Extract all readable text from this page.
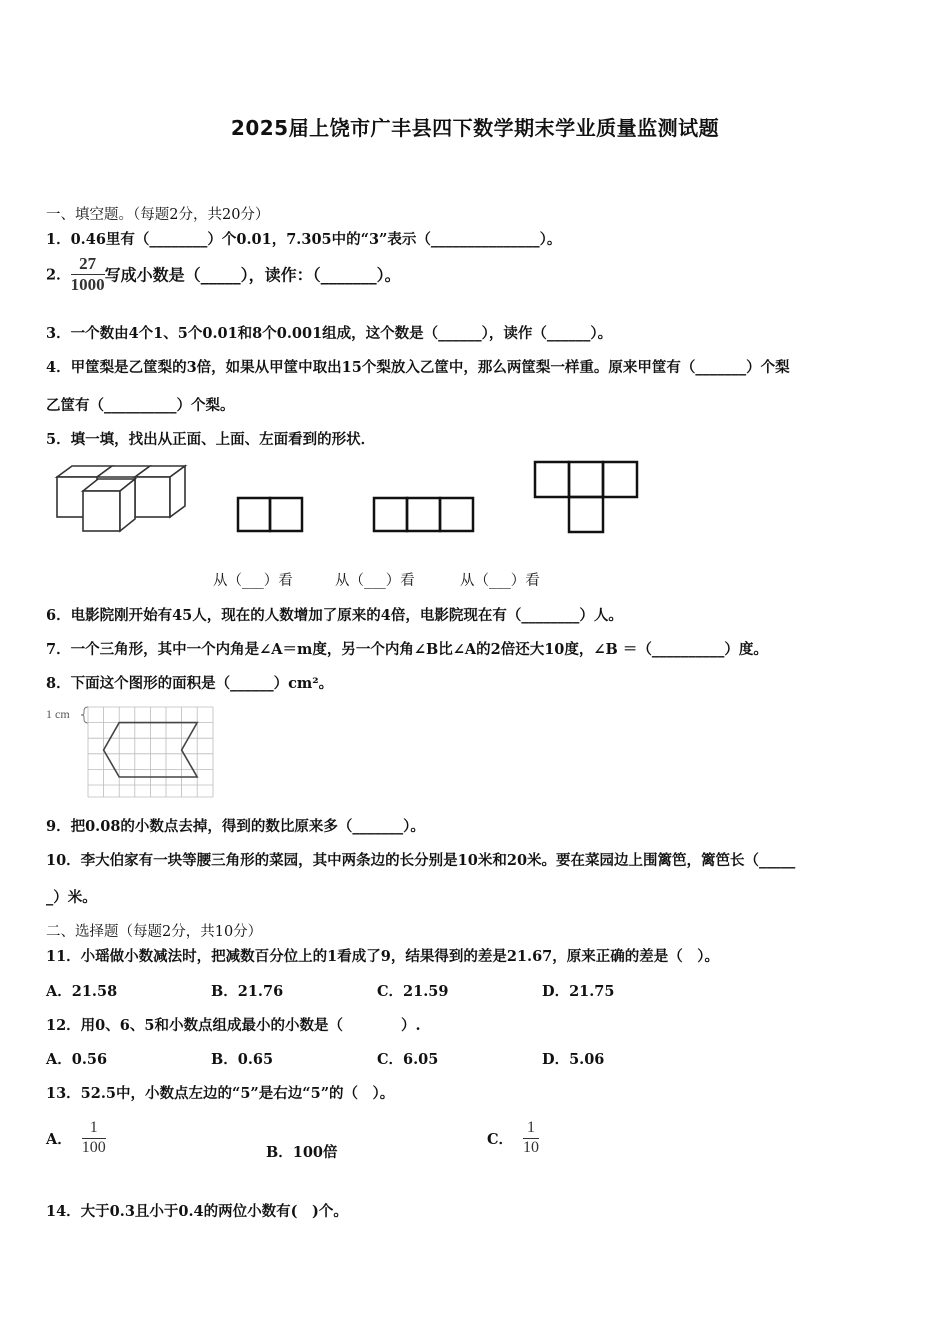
2025届上饶市广丰县四下数学期末学业质量监测试题
一、填空题。（每题2分，共20分）
1．0.46里有（________）个0.01，7.305中的“3”表示（_______________）。
2． $\frac{27}{1000}$ 写成小数是（_____），读作：（_______）。
3．一个数由4个1、5个0.01和8个0.001组成，这个数是（______），读作（______）。
4．甲筐梨是乙筐梨的3倍，如果从甲筐中取出15个梨放入乙筐中，那么两筐梨一样重。原来甲筐有（_______）个梨
乙筐有（__________）个梨。
5．填一填，找出从正面、上面、左面看到的形状．
从（___）看	从（___）看	从（___）看
6．电影院刚开始有45人，现在的人数增加了原来的4倍，电影院现在有（________）人。
7．一个三角形，其中一个内角是∠A＝m度，另一个内角∠B比∠A的2倍还大10度，∠B ＝（__________）度。
8．下面这个图形的面积是（______）cm²。
1 cm
9．把0.08的小数点去掉，得到的数比原来多（_______）。
10．李大伯家有一块等腰三角形的菜园，其中两条边的长分别是10米和20米。要在菜园边上围篱笆，篱笆长（_____
_）米。
二、选择题（每题2分，共10分）
11．小瑶做小数减法时，把减数百分位上的1看成了9，结果得到的差是21.67，原来正确的差是（　）。
A．21.58	B．21.76	C．21.59	D．21.75
12．用0、6、5和小数点组成最小的小数是（　　　　）.
A．0.56	B．0.65	C．6.05	D．5.06
13．52.5中，小数点左边的“5”是右边“5”的（　）。
A． $\frac{1}{100}$	B．100倍
C． $\frac{1}{10}$
14．大于0.3且小于0.4的两位小数有(　)个。
